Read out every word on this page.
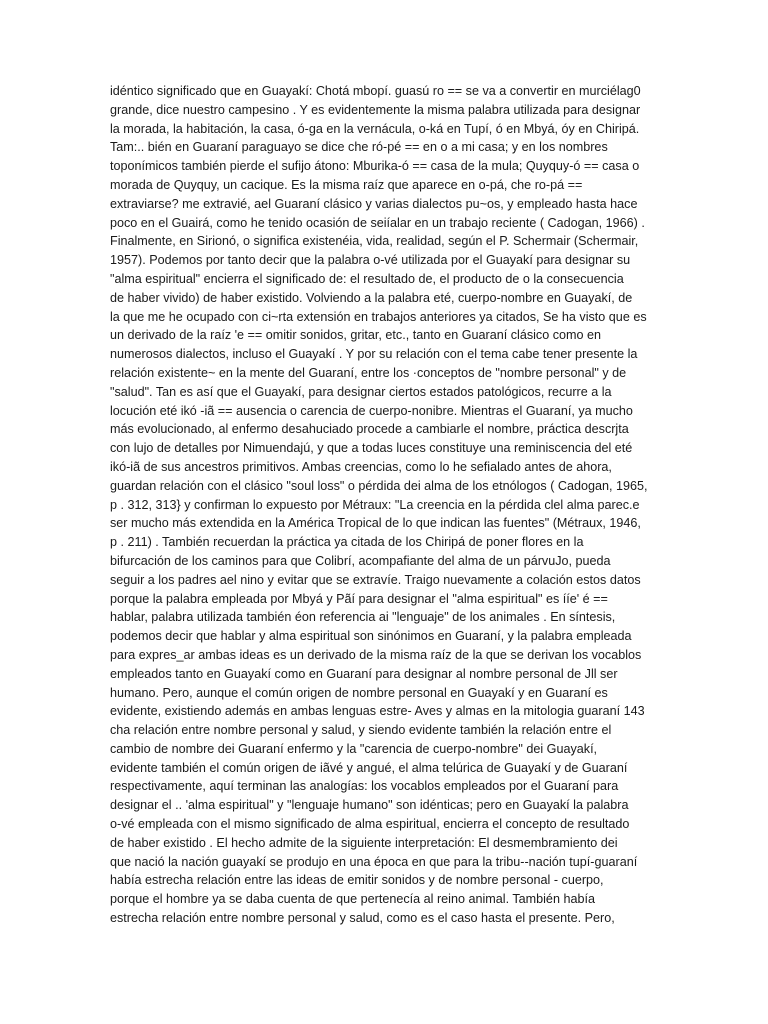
idéntico significado que en Guayakí: Chotá mbopí. guasú ro == se va a convertir en murciélag0
grande, dice nuestro campesino . Y es evidentemente la misma palabra utilizada para designar
la morada, la habitación, la casa, ó-ga en la vernácula, o-ká en Tupí, ó en Mbyá, óy en Chiripá.
Tam:.. bién en Guaraní paraguayo se dice che ró-pé == en o a mi casa; y en los nombres
toponímicos también pierde el sufijo átono: Mburika-ó == casa de la mula; Quyquy-ó == casa o
morada de Quyquy, un cacique. Es la misma raíz que aparece en o-pá, che ro-pá ==
extraviarse? me extravié, ael Guaraní clásico y varias dialectos pu~os, y empleado hasta hace
poco en el Guairá, como he tenido ocasión de seiíalar en un trabajo reciente ( Cadogan, 1966) .
Finalmente, en Sirionó, o significa existenéia, vida, realidad, según el P. Schermair (Schermair,
1957). Podemos por tanto decir que la palabra o-vé utilizada por el Guayakí para designar su
"alma espiritual" encierra el significado de: el resultado de, el producto de o la consecuencia
de haber vivido) de haber existido. Volviendo a la palabra eté, cuerpo-nombre en Guayakí, de
la que me he ocupado con ci~rta extensión en trabajos anteriores ya citados, Se ha visto que es
un derivado de la raíz 'e == omitir sonidos, gritar, etc., tanto en Guaraní clásico como en
numerosos dialectos, incluso el Guayakí . Y por su relación con el tema cabe tener presente la
relación existente~ en la mente del Guaraní, entre los ·conceptos de "nombre personal" y de
"salud". Tan es así que el Guayakí, para designar ciertos estados patológicos, recurre a la
locución eté ikó -iã == ausencia o carencia de cuerpo-nonibre. Mientras el Guaraní, ya mucho
más evolucionado, al enfermo desahuciado procede a cambiarle el nombre, práctica descrjta
con lujo de detalles por Nimuendajú, y que a todas luces constituye una reminiscencia del eté
ikó-iã de sus ancestros primitivos. Ambas creencias, como lo he sefialado antes de ahora,
guardan relación con el clásico "soul loss" o pérdida dei alma de los etnólogos ( Cadogan, 1965,
p . 312, 313} y confirman lo expuesto por Métraux: "La creencia en la pérdida clel alma parec.e
ser mucho más extendida en la América Tropical de lo que indican las fuentes" (Métraux, 1946,
p . 211) . También recuerdan la práctica ya citada de los Chiripá de poner flores en la
bifurcación de los caminos para que Colibrí, acompafiante del alma de un párvuJo, pueda
seguir a los padres ael nino y evitar que se extravíe. Traigo nuevamente a colación estos datos
porque la palabra empleada por Mbyá y Pãí para designar el "alma espiritual" es ííe' é ==
hablar, palabra utilizada también éon referencia ai "lenguaje" de los animales . En síntesis,
podemos decir que hablar y alma espiritual son sinónimos en Guaraní, y la palabra empleada
para expres_ar ambas ideas es un derivado de la misma raíz de la que se derivan los vocablos
empleados tanto en Guayakí como en Guaraní para designar al nombre personal de Jll ser
humano. Pero, aunque el común origen de nombre personal en Guayakí y en Guaraní es
evidente, existiendo además en ambas lenguas estre- Aves y almas en la mitologia guaraní 143
cha relación entre nombre personal y salud, y siendo evidente también la relación entre el
cambio de nombre dei Guaraní enfermo y la "carencia de cuerpo-nombre" dei Guayakí,
evidente también el común origen de iãvé y angué, el alma telúrica de Guayakí y de Guaraní
respectivamente, aquí terminan las analogías: los vocablos empleados por el Guaraní para
designar el .. 'alma espiritual" y "lenguaje humano" son idénticas; pero en Guayakí la palabra
o-vé empleada con el mismo significado de alma espiritual, encierra el concepto de resultado
de haber existido . El hecho admite de la siguiente interpretación: El desmembramiento dei
que nació la nación guayakí se produjo en una época en que para la tribu--nación tupí-guaraní
había estrecha relación entre las ideas de emitir sonidos y de nombre personal - cuerpo,
porque el hombre ya se daba cuenta de que pertenecía al reino animal. También había
estrecha relación entre nombre personal y salud, como es el caso hasta el presente. Pero,
